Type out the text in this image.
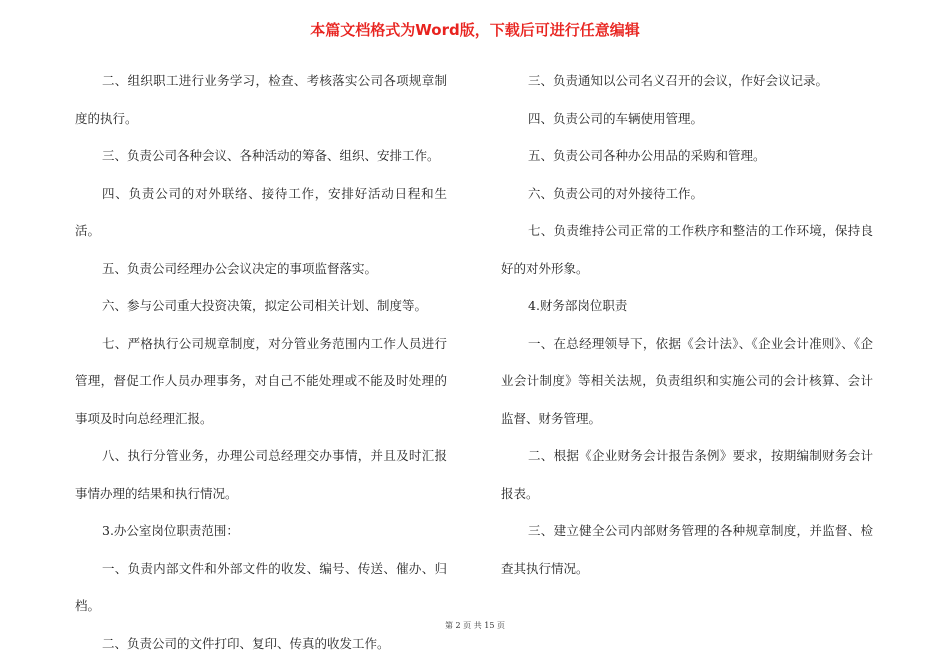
本篇文档格式为Word版，下载后可进行任意编辑

二、组织职工进行业务学习，检查、考核落实公司各项规章制度的执行。

三、负责公司各种会议、各种活动的筹备、组织、安排工作。

四、负责公司的对外联络、接待工作，安排好活动日程和生活。

五、负责公司经理办公会议决定的事项监督落实。

六、参与公司重大投资决策，拟定公司相关计划、制度等。

七、严格执行公司规章制度，对分管业务范围内工作人员进行管理，督促工作人员办理事务，对自己不能处理或不能及时处理的事项及时向总经理汇报。

八、执行分管业务，办理公司总经理交办事情，并且及时汇报事情办理的结果和执行情况。

3.办公室岗位职责范围：

一、负责内部文件和外部文件的收发、编号、传送、催办、归档。

二、负责公司的文件打印、复印、传真的收发工作。

三、负责通知以公司名义召开的会议，作好会议记录。

四、负责公司的车辆使用管理。

五、负责公司各种办公用品的采购和管理。

六、负责公司的对外接待工作。

七、负责维持公司正常的工作秩序和整洁的工作环境，保持良好的对外形象。

4.财务部岗位职责

一、在总经理领导下，依据《会计法》、《企业会计准则》、《企业会计制度》等相关法规，负责组织和实施公司的会计核算、会计监督、财务管理。

二、根据《企业财务会计报告条例》要求，按期编制财务会计报表。

三、建立健全公司内部财务管理的各种规章制度，并监督、检查其执行情况。

第 2 页 共 15 页
